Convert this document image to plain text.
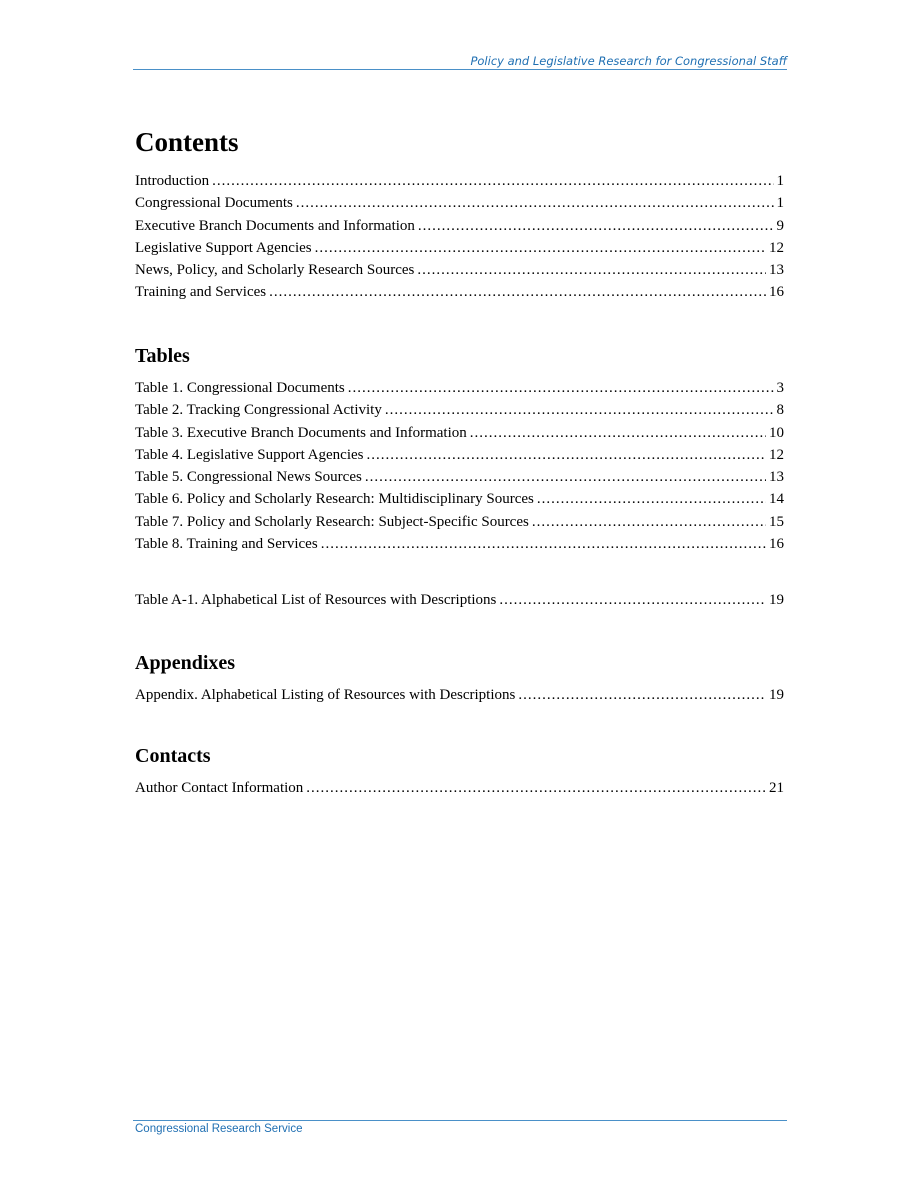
Policy and Legislative Research for Congressional Staff
Contents
Introduction .....	1
Congressional Documents .....	1
Executive Branch Documents and Information .....	9
Legislative Support Agencies .....	12
News, Policy, and Scholarly Research Sources .....	13
Training and Services .....	16
Tables
Table 1. Congressional Documents .....	3
Table 2. Tracking Congressional Activity .....	8
Table 3. Executive Branch Documents and Information .....	10
Table 4. Legislative Support Agencies .....	12
Table 5. Congressional News Sources .....	13
Table 6. Policy and Scholarly Research: Multidisciplinary Sources .....	14
Table 7. Policy and Scholarly Research: Subject-Specific Sources .....	15
Table 8. Training and Services .....	16
Table A-1. Alphabetical List of Resources with Descriptions .....	19
Appendixes
Appendix. Alphabetical Listing of Resources with Descriptions .....	19
Contacts
Author Contact Information .....	21
Congressional Research Service
